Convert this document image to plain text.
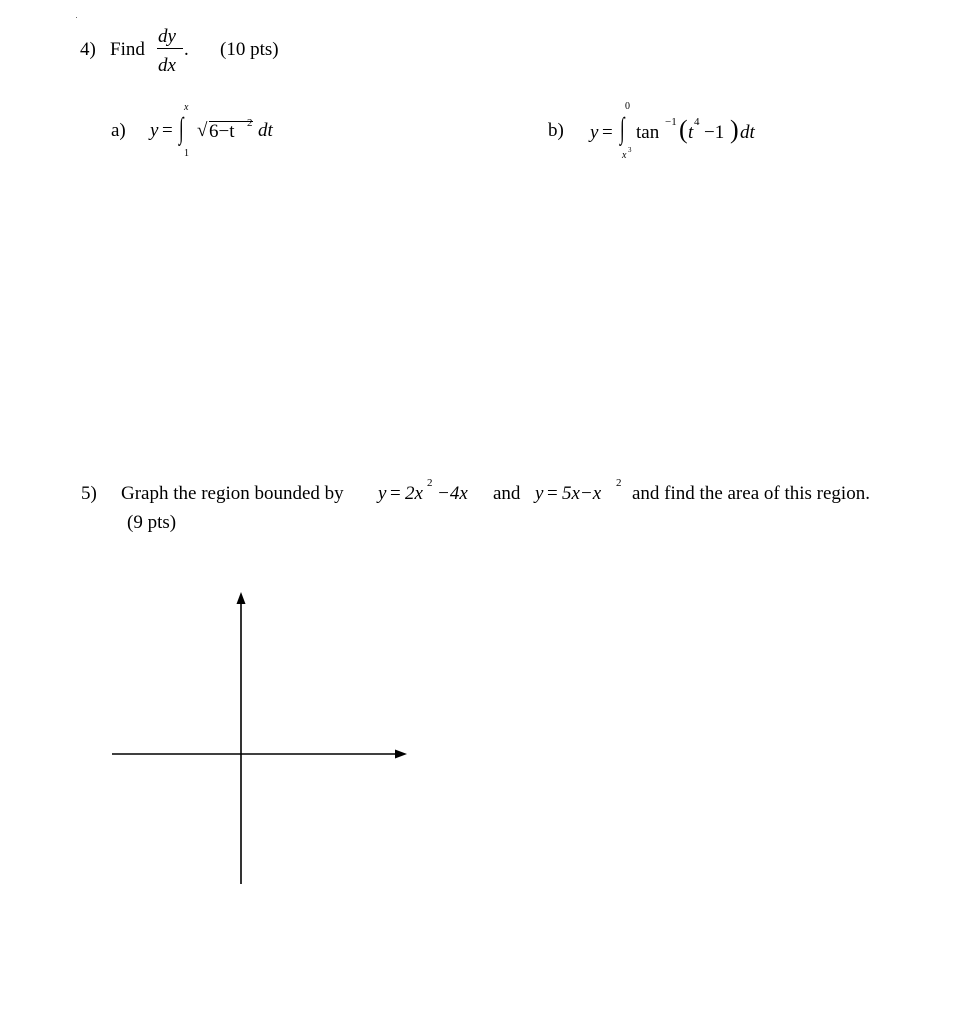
4) Find
dy
dx
. (10 pts)
a) y =
x
∫
1
√ 6−t 2 dt	b) y =
0
∫
x 3
tan −1 ( t 4 −1 ) dt
5) Graph the region bounded by y = 2x 2 −4x and y = 5x−x 2 and find the area of this region.
(9 pts)
